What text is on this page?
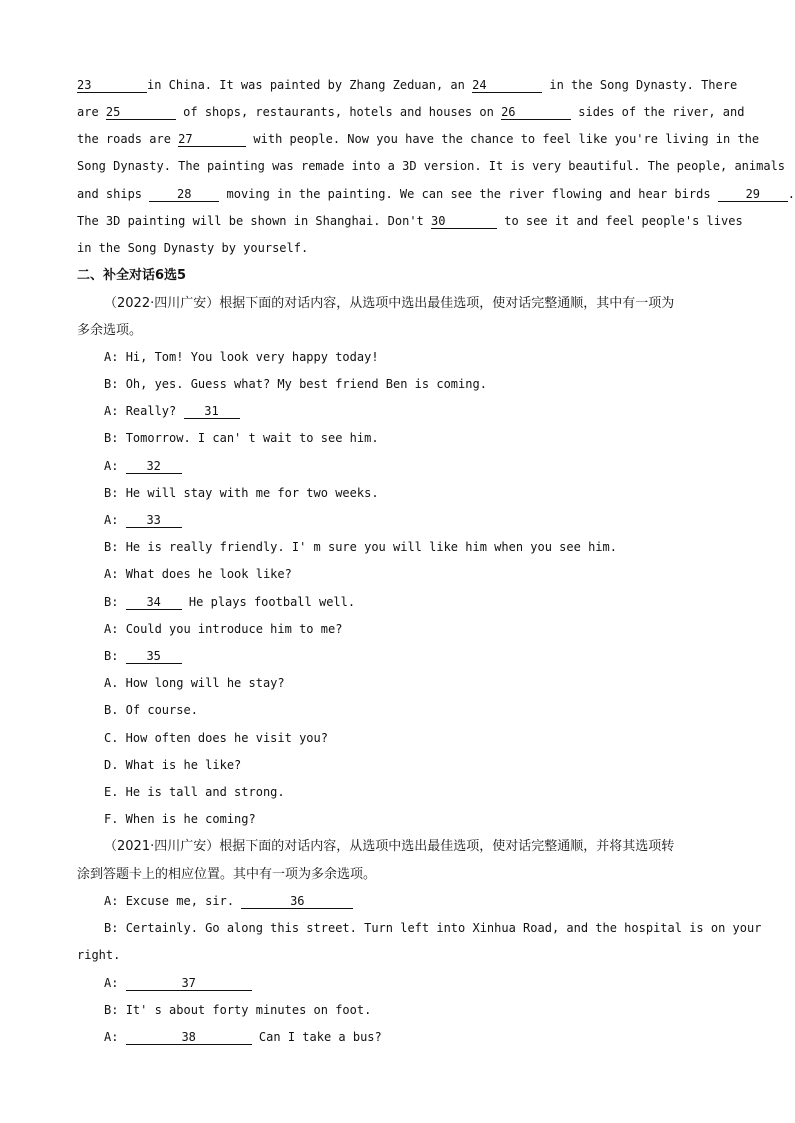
23	in China. It was painted by Zhang Zeduan, an 24	in the Song Dynasty. There
are 25	of shops, restaurants, hotels and houses on 26	sides of the river, and
the roads are 27	with people. Now you have the chance to feel like you're living in the
Song Dynasty. The painting was remade into a 3D version. It is very beautiful. The people, animals
and ships	28	moving in the painting. We can see the river flowing and hear birds	29 .
The 3D painting will be shown in Shanghai. Don't 30	to see it and feel people's lives
in the Song Dynasty by yourself.
二、补全对话6选5
（2022·四川广安）根据下面的对话内容，从选项中选出最佳选项，使对话完整通顺，其中有一项为
多余选项。
A: Hi, Tom! You look very happy today!
B: Oh, yes. Guess what? My best friend Ben is coming.
A: Really? 31
B: Tomorrow. I can' t wait to see him.
A: 32
B: He will stay with me for two weeks.
A: 33
B: He is really friendly. I' m sure you will like him when you see him.
A: What does he look like?
B: 34 He plays football well.
A: Could you introduce him to me?
B: 35
A. How long will he stay?
B. Of course.
C. How often does he visit you?
D. What is he like?
E. He is tall and strong.
F. When is he coming?
（2021·四川广安）根据下面的对话内容，从选项中选出最佳选项，使对话完整通顺，并将其选项转
涂到答题卡上的相应位置。其中有一项为多余选项。
A: Excuse me, sir.	36
B: Certainly. Go along this street. Turn left into Xinhua Road, and the hospital is on your
right.
A:	37
B: It' s about forty minutes on foot.
A:	38	Can I take a bus?
